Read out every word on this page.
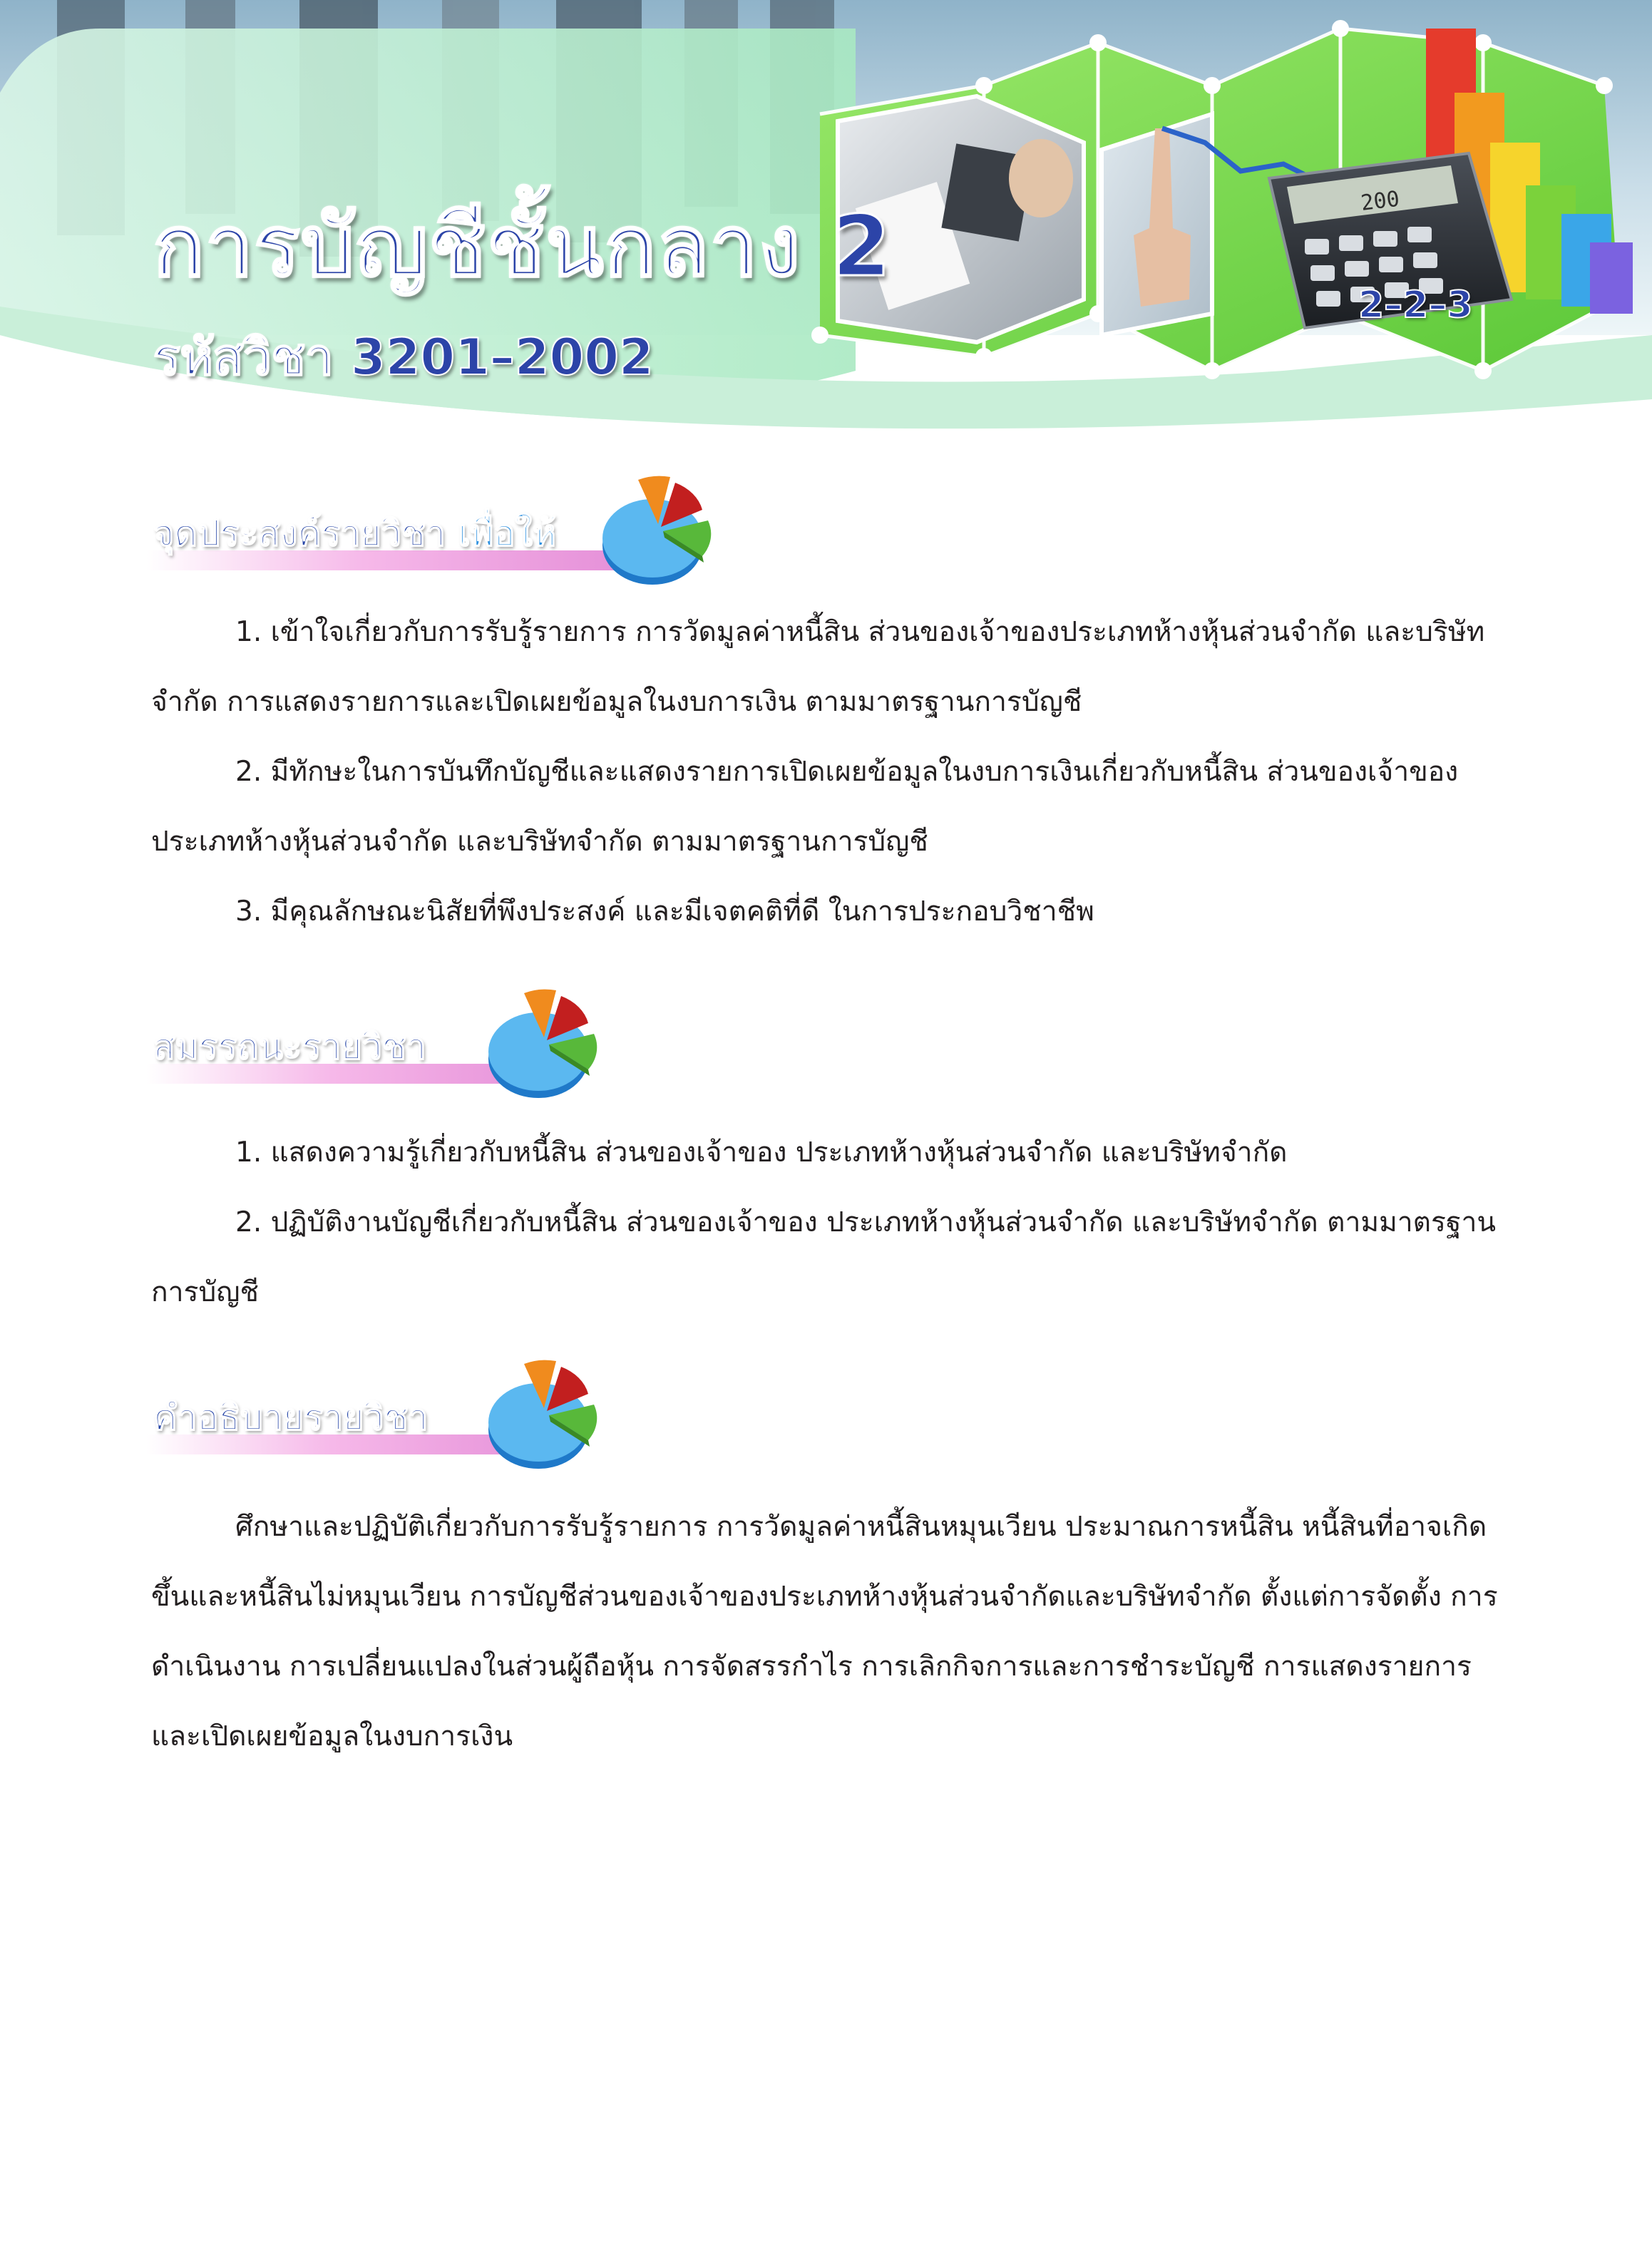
200
การบัญชีชั้นกลาง 2
รหัสวิชา 3201–2002
2–2–3
จุดประสงค์รายวิชา เพื่อให้

1. เข้าใจเกี่ยวกับการรับรู้รายการ การวัดมูลค่าหนี้สิน ส่วนของเจ้าของประเภทห้างหุ้นส่วนจำกัด และบริษัทจำกัด การแสดงรายการและเปิดเผยข้อมูลในงบการเงิน ตามมาตรฐานการบัญชี

2. มีทักษะในการบันทึกบัญชีและแสดงรายการเปิดเผยข้อมูลในงบการเงินเกี่ยวกับหนี้สิน ส่วนของเจ้าของ ประเภทห้างหุ้นส่วนจำกัด และบริษัทจำกัด ตามมาตรฐานการบัญชี

3. มีคุณลักษณะนิสัยที่พึงประสงค์ และมีเจตคติที่ดี ในการประกอบวิชาชีพ

สมรรถนะรายวิชา

1. แสดงความรู้เกี่ยวกับหนี้สิน ส่วนของเจ้าของ ประเภทห้างหุ้นส่วนจำกัด และบริษัทจำกัด

2. ปฏิบัติงานบัญชีเกี่ยวกับหนี้สิน ส่วนของเจ้าของ ประเภทห้างหุ้นส่วนจำกัด และบริษัทจำกัด ตามมาตรฐานการบัญชี

คำอธิบายรายวิชา

ศึกษาและปฏิบัติเกี่ยวกับการรับรู้รายการ การวัดมูลค่าหนี้สินหมุนเวียน ประมาณการหนี้สิน หนี้สินที่อาจเกิดขึ้นและหนี้สินไม่หมุนเวียน การบัญชีส่วนของเจ้าของประเภทห้างหุ้นส่วนจำกัดและบริษัทจำกัด ตั้งแต่การจัดตั้ง การดำเนินงาน การเปลี่ยนแปลงในส่วนผู้ถือหุ้น การจัดสรรกำไร การเลิกกิจการและการชำระบัญชี การแสดงรายการและเปิดเผยข้อมูลในงบการเงิน
